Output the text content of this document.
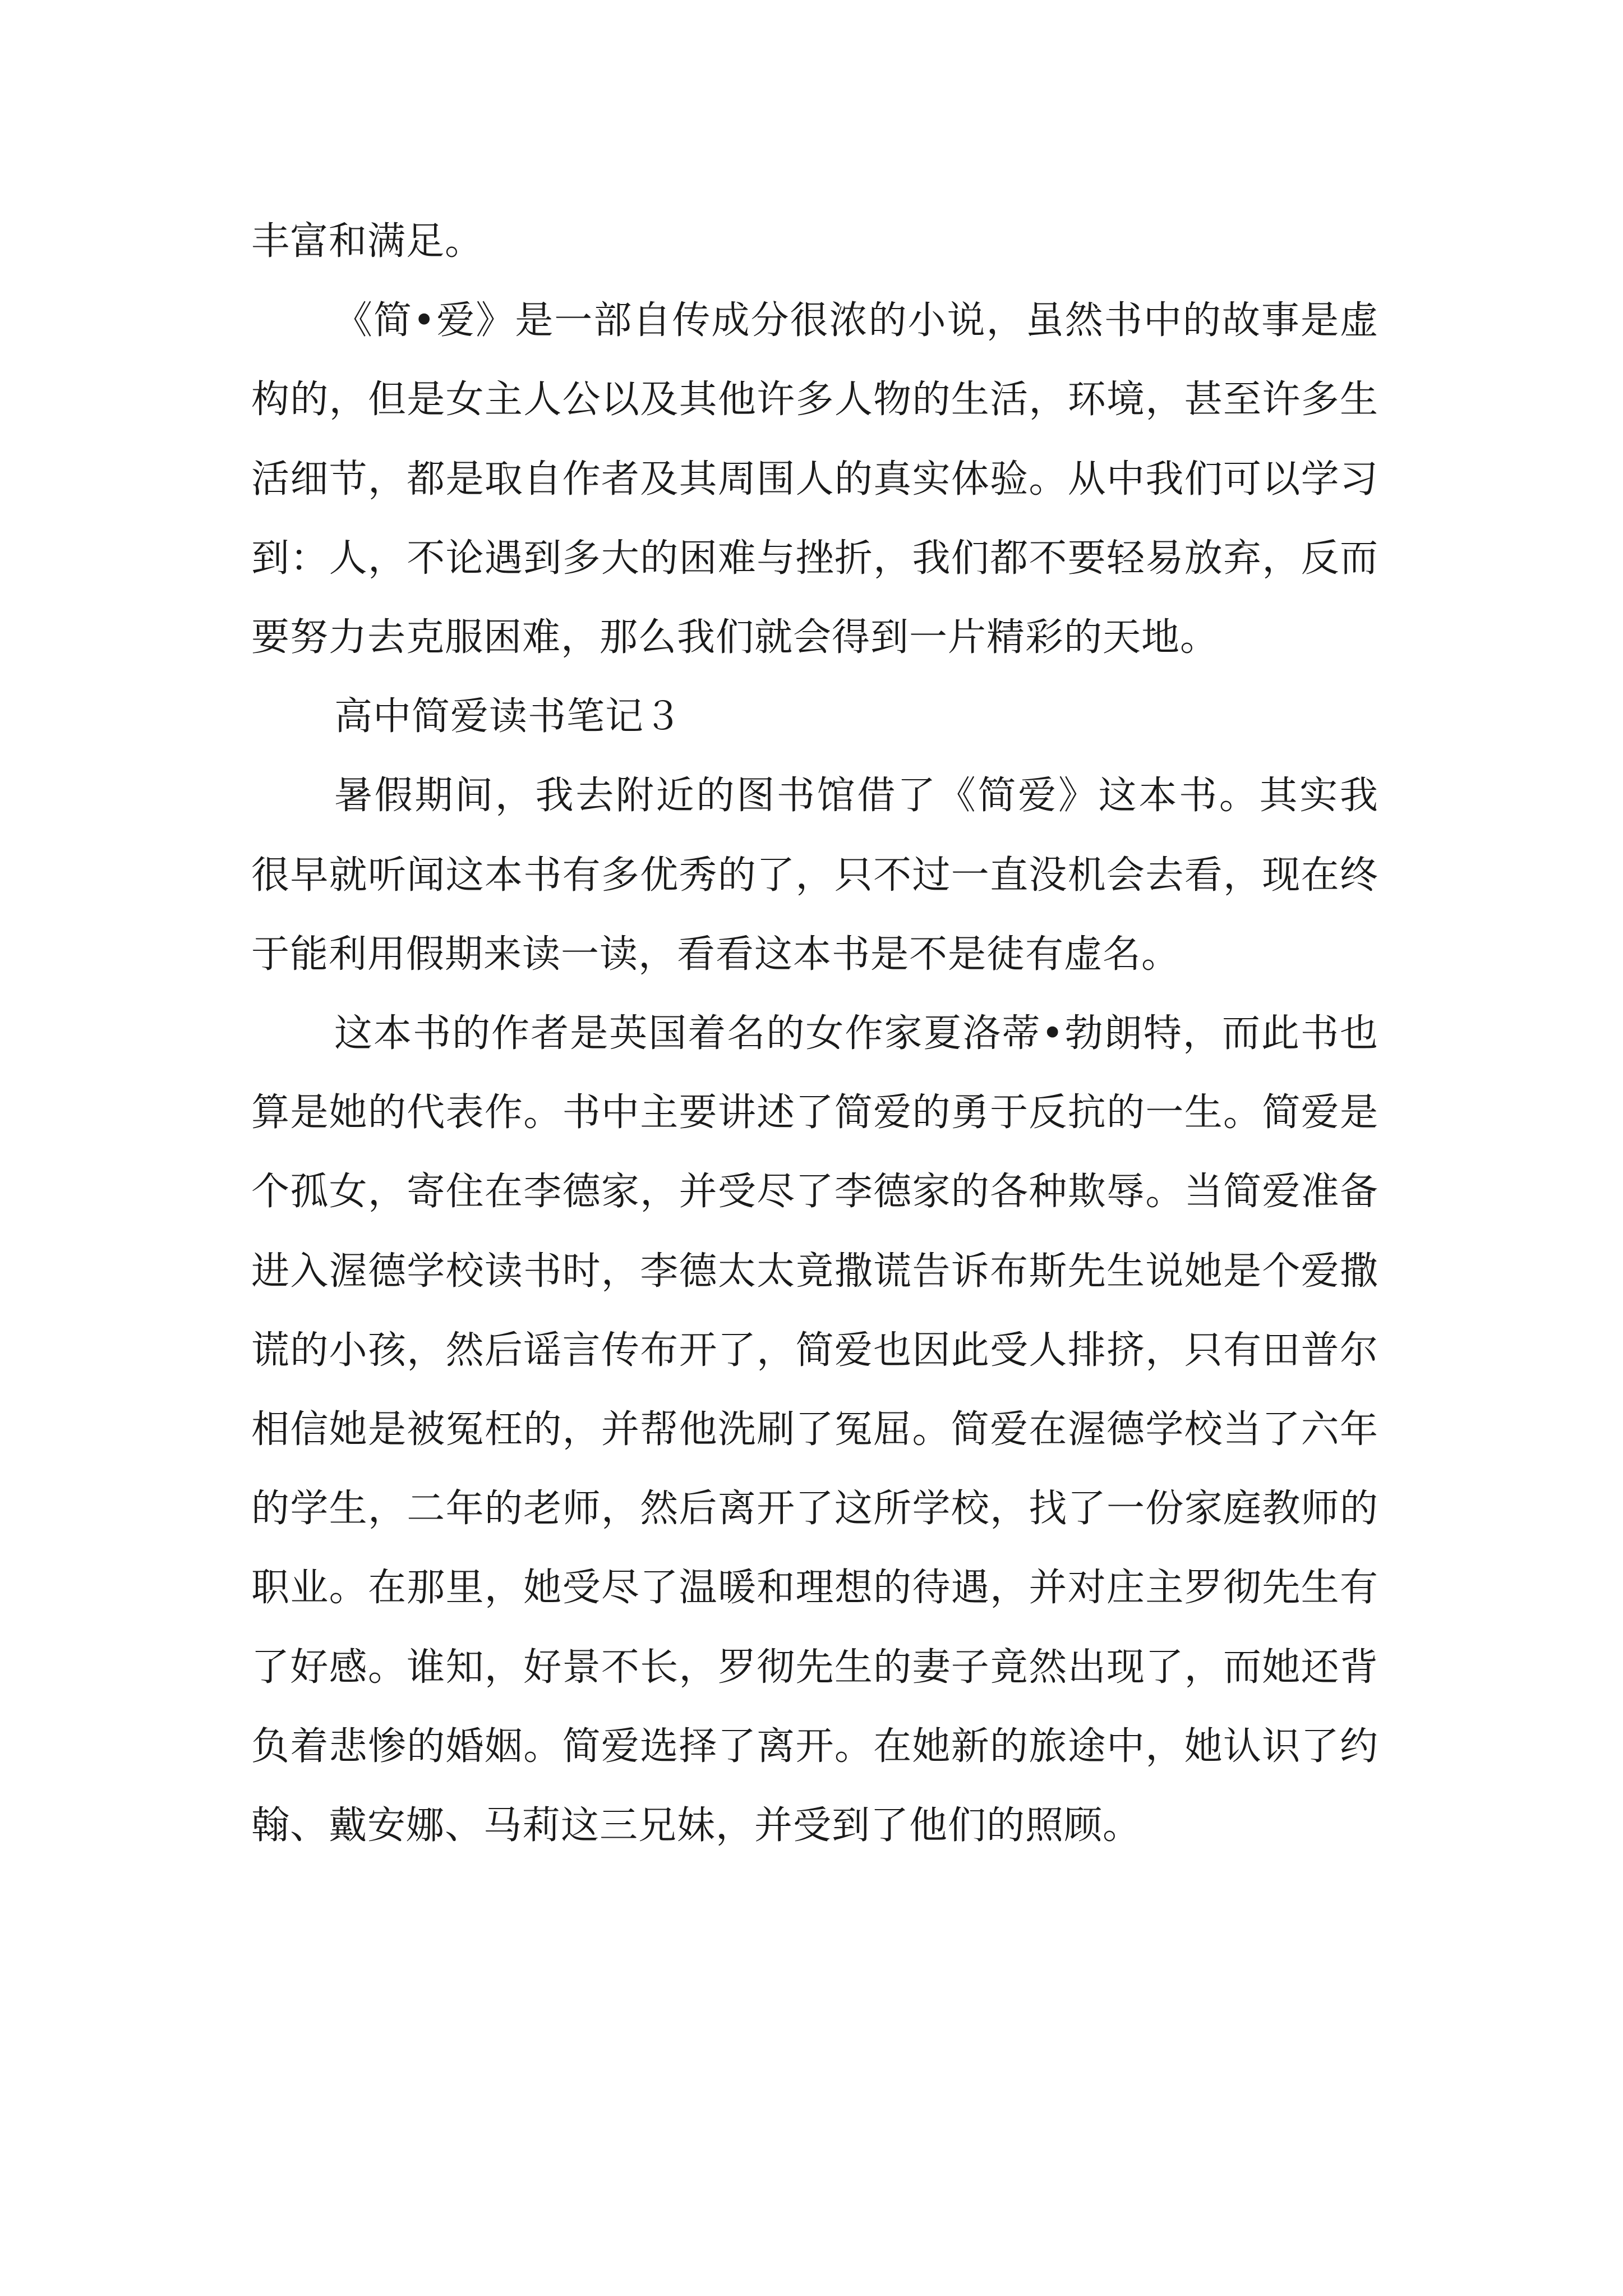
丰富和满足。

《简•爱》是一部自传成分很浓的小说，虽然书中的故事是虚构的，但是女主人公以及其他许多人物的生活，环境，甚至许多生活细节，都是取自作者及其周围人的真实体验。从中我们可以学习到：人，不论遇到多大的困难与挫折，我们都不要轻易放弃，反而要努力去克服困难，那么我们就会得到一片精彩的天地。

高中简爱读书笔记３

暑假期间，我去附近的图书馆借了《简爱》这本书。其实我很早就听闻这本书有多优秀的了，只不过一直没机会去看，现在终于能利用假期来读一读，看看这本书是不是徒有虚名。

这本书的作者是英国着名的女作家夏洛蒂•勃朗特，而此书也算是她的代表作。书中主要讲述了简爱的勇于反抗的一生。简爱是个孤女，寄住在李德家，并受尽了李德家的各种欺辱。当简爱准备进入渥德学校读书时，李德太太竟撒谎告诉布斯先生说她是个爱撒谎的小孩，然后谣言传布开了，简爱也因此受人排挤，只有田普尔相信她是被冤枉的，并帮他洗刷了冤屈。简爱在渥德学校当了六年的学生，二年的老师，然后离开了这所学校，找了一份家庭教师的职业。在那里，她受尽了温暖和理想的待遇，并对庄主罗彻先生有了好感。谁知，好景不长，罗彻先生的妻子竟然出现了，而她还背负着悲惨的婚姻。简爱选择了离开。在她新的旅途中，她认识了约翰、戴安娜、马莉这三兄妹，并受到了他们的照顾。
